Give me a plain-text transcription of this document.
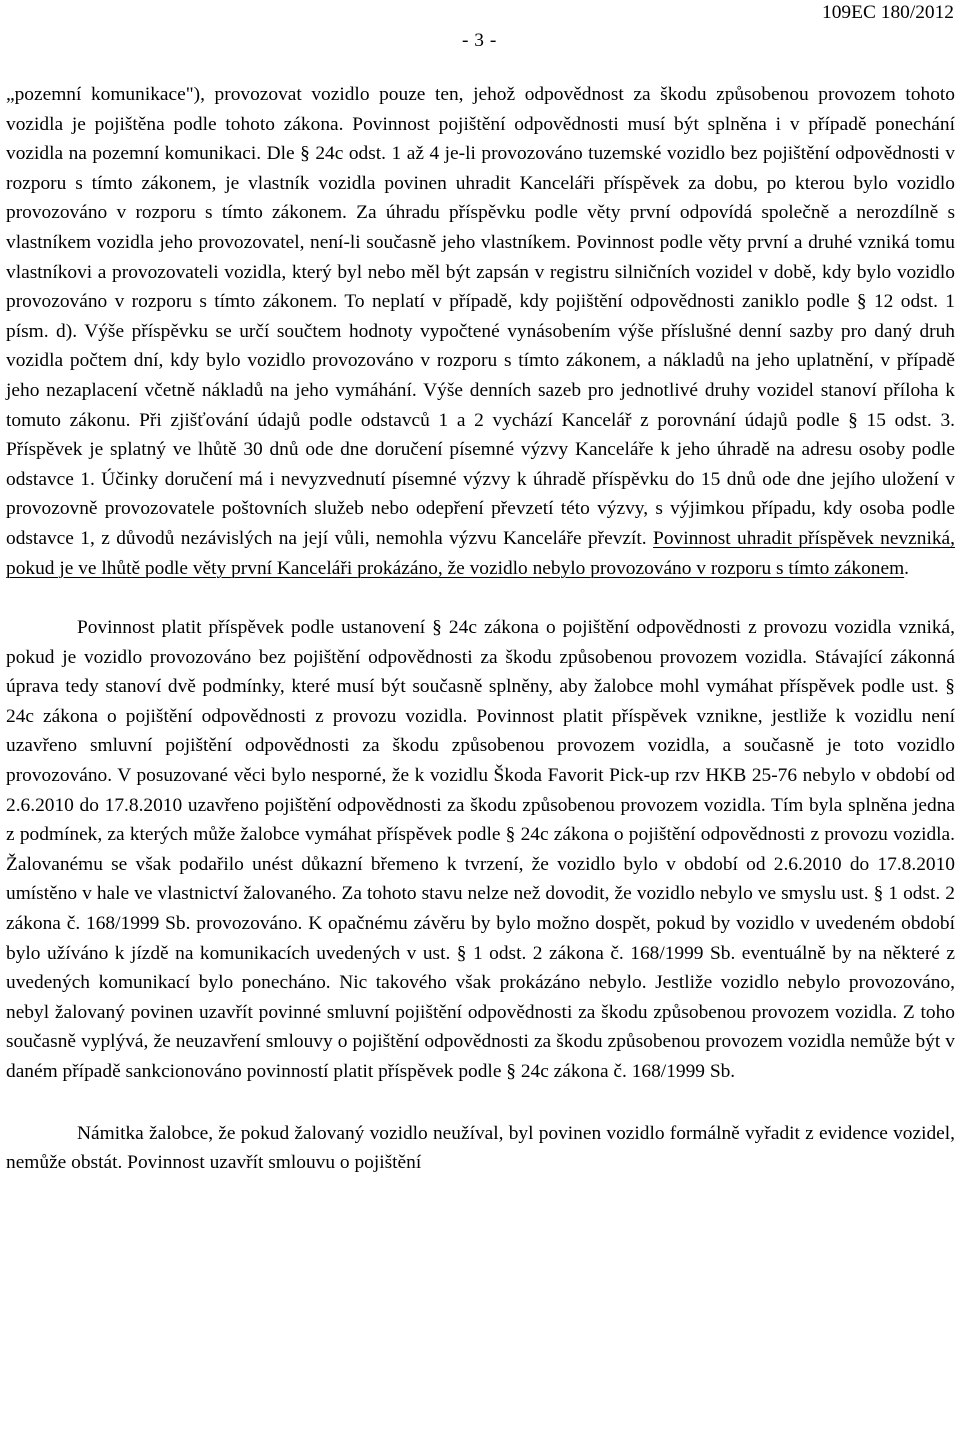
- 3 -
109EC 180/2012

„pozemní komunikace"), provozovat vozidlo pouze ten, jehož odpovědnost za škodu způsobenou provozem tohoto vozidla je pojištěna podle tohoto zákona. Povinnost pojištění odpovědnosti musí být splněna i v případě ponechání vozidla na pozemní komunikaci. Dle § 24c odst. 1 až 4 je-li provozováno tuzemské vozidlo bez pojištění odpovědnosti v rozporu s tímto zákonem, je vlastník vozidla povinen uhradit Kanceláři příspěvek za dobu, po kterou bylo vozidlo provozováno v rozporu s tímto zákonem. Za úhradu příspěvku podle věty první odpovídá společně a nerozdílně s vlastníkem vozidla jeho provozovatel, není-li současně jeho vlastníkem. Povinnost podle věty první a druhé vzniká tomu vlastníkovi a provozovateli vozidla, který byl nebo měl být zapsán v registru silničních vozidel v době, kdy bylo vozidlo provozováno v rozporu s tímto zákonem. To neplatí v případě, kdy pojištění odpovědnosti zaniklo podle § 12 odst. 1 písm. d). Výše příspěvku se určí součtem hodnoty vypočtené vynásobením výše příslušné denní sazby pro daný druh vozidla počtem dní, kdy bylo vozidlo provozováno v rozporu s tímto zákonem, a nákladů na jeho uplatnění, v případě jeho nezaplacení včetně nákladů na jeho vymáhání. Výše denních sazeb pro jednotlivé druhy vozidel stanoví příloha k tomuto zákonu. Při zjišťování údajů podle odstavců 1 a 2 vychází Kancelář z porovnání údajů podle § 15 odst. 3. Příspěvek je splatný ve lhůtě 30 dnů ode dne doručení písemné výzvy Kanceláře k jeho úhradě na adresu osoby podle odstavce 1. Účinky doručení má i nevyzvednutí písemné výzvy k úhradě příspěvku do 15 dnů ode dne jejího uložení v provozovně provozovatele poštovních služeb nebo odepření převzetí této výzvy, s výjimkou případu, kdy osoba podle odstavce 1, z důvodů nezávislých na její vůli, nemohla výzvu Kanceláře převzít. Povinnost uhradit příspěvek nevzniká, pokud je ve lhůtě podle věty první Kanceláři prokázáno, že vozidlo nebylo provozováno v rozporu s tímto zákonem.

Povinnost platit příspěvek podle ustanovení § 24c zákona o pojištění odpovědnosti z provozu vozidla vzniká, pokud je vozidlo provozováno bez pojištění odpovědnosti za škodu způsobenou provozem vozidla. Stávající zákonná úprava tedy stanoví dvě podmínky, které musí být současně splněny, aby žalobce mohl vymáhat příspěvek podle ust. § 24c zákona o pojištění odpovědnosti z provozu vozidla. Povinnost platit příspěvek vznikne, jestliže k vozidlu není uzavřeno smluvní pojištění odpovědnosti za škodu způsobenou provozem vozidla, a současně je toto vozidlo provozováno. V posuzované věci bylo nesporné, že k vozidlu Škoda Favorit Pick-up rzv HKB 25-76 nebylo v období od 2.6.2010 do 17.8.2010 uzavřeno pojištění odpovědnosti za škodu způsobenou provozem vozidla. Tím byla splněna jedna z podmínek, za kterých může žalobce vymáhat příspěvek podle § 24c zákona o pojištění odpovědnosti z provozu vozidla. Žalovanému se však podařilo unést důkazní břemeno k tvrzení, že vozidlo bylo v období od 2.6.2010 do 17.8.2010 umístěno v hale ve vlastnictví žalovaného. Za tohoto stavu nelze než dovodit, že vozidlo nebylo ve smyslu ust. § 1 odst. 2 zákona č. 168/1999 Sb. provozováno. K opačnému závěru by bylo možno dospět, pokud by vozidlo v uvedeném období bylo užíváno k jízdě na komunikacích uvedených v ust. § 1 odst. 2 zákona č. 168/1999 Sb. eventuálně by na některé z uvedených komunikací bylo ponecháno. Nic takového však prokázáno nebylo. Jestliže vozidlo nebylo provozováno, nebyl žalovaný povinen uzavřít povinné smluvní pojištění odpovědnosti za škodu způsobenou provozem vozidla. Z toho současně vyplývá, že neuzavření smlouvy o pojištění odpovědnosti za škodu způsobenou provozem vozidla nemůže být v daném případě sankcionováno povinností platit příspěvek podle § 24c zákona č. 168/1999 Sb.

Námitka žalobce, že pokud žalovaný vozidlo neužíval, byl povinen vozidlo formálně vyřadit z evidence vozidel, nemůže obstát. Povinnost uzavřít smlouvu o pojištění
